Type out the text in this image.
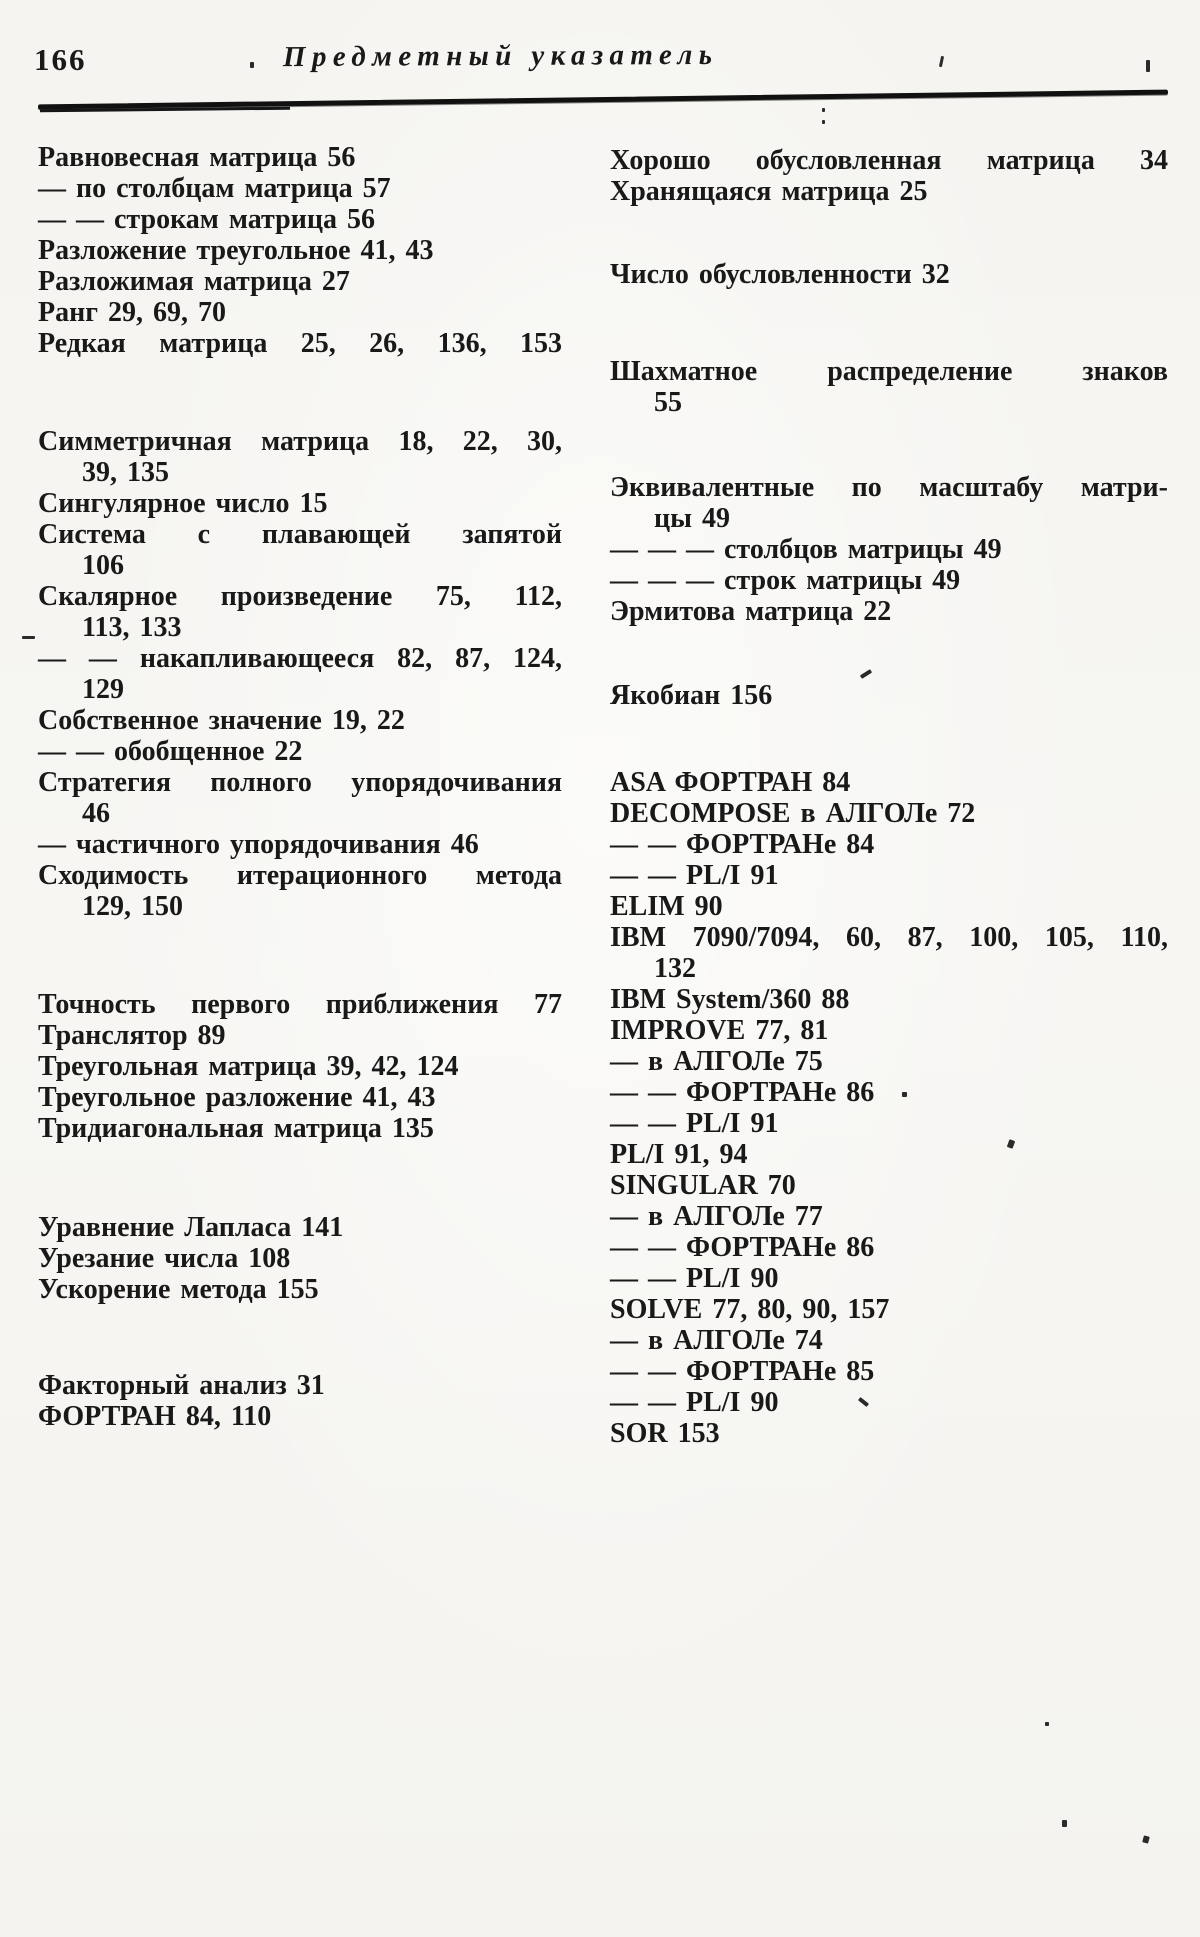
166	Предметный указатель
Равновесная матрица 56
— по столбцам матрица 57
— — строкам матрица 56
Разложение треугольное 41, 43
Разложимая матрица 27
Ранг 29, 69, 70
Редкая матрица 25, 26, 136, 153
Симметричная матрица 18, 22, 30,
39, 135
Сингулярное число 15
Система с плавающей запятой
106
Скалярное произведение 75, 112,
113, 133
— — накапливающееся 82, 87, 124,
129
Собственное значение 19, 22
— — обобщенное 22
Стратегия полного упорядочивания
46
— частичного упорядочивания 46
Сходимость итерационного метода
129, 150
Точность первого приближения 77
Транслятор 89
Треугольная матрица 39, 42, 124
Треугольное разложение 41, 43
Тридиагональная матрица 135
Уравнение Лапласа 141
Урезание числа 108
Ускорение метода 155
Факторный анализ 31
ФОРТРАН 84, 110
Хорошо обусловленная матрица 34
Хранящаяся матрица 25
Число обусловленности 32
Шахматное распределение знаков
55
Эквивалентные по масштабу матри-
цы 49
— — — столбцов матрицы 49
— — — строк матрицы 49
Эрмитова матрица 22
Якобиан 156
ASA ФОРТРАН 84
DECOMPOSE в АЛГОЛе 72
— — ФОРТРАНе 84
— — PL/I 91
ELIM 90
IBM 7090/7094, 60, 87, 100, 105, 110,
132
IBM System/360 88
IMPROVE 77, 81
— в АЛГОЛе 75
— — ФОРТРАНе 86
— — PL/I 91
PL/I 91, 94
SINGULAR 70
— в АЛГОЛе 77
— — ФОРТРАНе 86
— — PL/I 90
SOLVE 77, 80, 90, 157
— в АЛГОЛе 74
— — ФОРТРАНе 85
— — PL/I 90
SOR 153
